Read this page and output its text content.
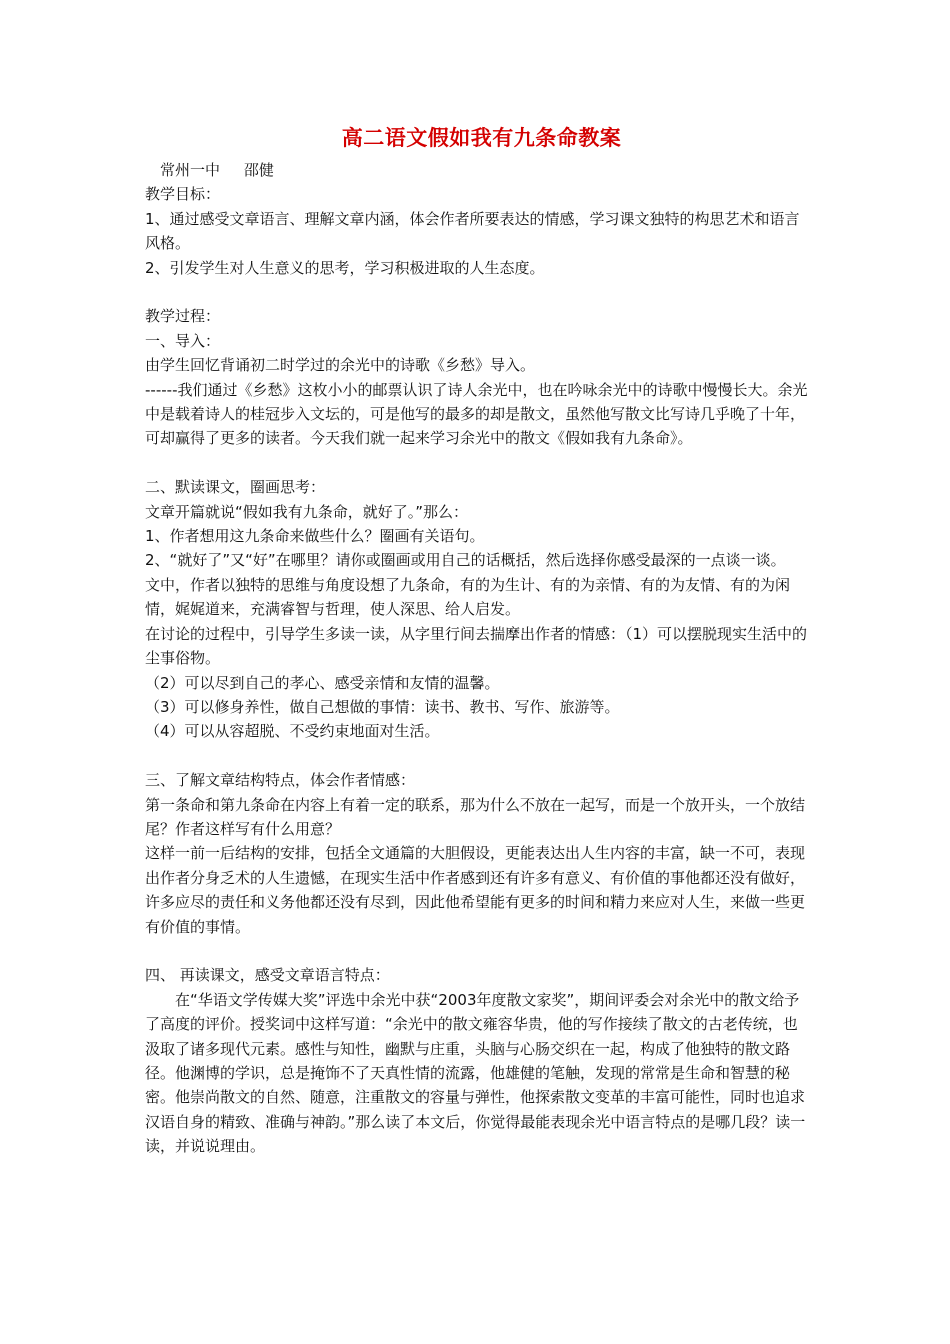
高二语文假如我有九条命教案

常州一中     邵健

教学目标：

1、通过感受文章语言、理解文章内涵，体会作者所要表达的情感，学习课文独特的构思艺术和语言风格。

2、引发学生对人生意义的思考，学习积极进取的人生态度。

教学过程：

一、导入：

由学生回忆背诵初二时学过的余光中的诗歌《乡愁》导入。

------我们通过《乡愁》这枚小小的邮票认识了诗人余光中，也在吟咏余光中的诗歌中慢慢长大。余光中是载着诗人的桂冠步入文坛的，可是他写的最多的却是散文，虽然他写散文比写诗几乎晚了十年，可却赢得了更多的读者。今天我们就一起来学习余光中的散文《假如我有九条命》。

二、默读课文，圈画思考：

文章开篇就说“假如我有九条命，就好了。”那么：

1、作者想用这九条命来做些什么？圈画有关语句。

2、“就好了”又“好”在哪里？请你或圈画或用自己的话概括，然后选择你感受最深的一点谈一谈。

文中，作者以独特的思维与角度设想了九条命，有的为生计、有的为亲情、有的为友情、有的为闲情，娓娓道来，充满睿智与哲理，使人深思、给人启发。

在讨论的过程中，引导学生多读一读，从字里行间去揣摩出作者的情感：（1）可以摆脱现实生活中的尘事俗物。

（2）可以尽到自己的孝心、感受亲情和友情的温馨。

（3）可以修身养性，做自己想做的事情：读书、教书、写作、旅游等。

（4）可以从容超脱、不受约束地面对生活。

三、了解文章结构特点，体会作者情感：

第一条命和第九条命在内容上有着一定的联系，那为什么不放在一起写，而是一个放开头，一个放结尾？作者这样写有什么用意？

这样一前一后结构的安排，包括全文通篇的大胆假设，更能表达出人生内容的丰富，缺一不可，表现出作者分身乏术的人生遗憾，在现实生活中作者感到还有许多有意义、有价值的事他都还没有做好，许多应尽的责任和义务他都还没有尽到，因此他希望能有更多的时间和精力来应对人生，来做一些更有价值的事情。

四、 再读课文，感受文章语言特点：

在“华语文学传媒大奖”评选中余光中获“2003年度散文家奖”，期间评委会对余光中的散文给予了高度的评价。授奖词中这样写道：“余光中的散文雍容华贵，他的写作接续了散文的古老传统，也汲取了诸多现代元素。感性与知性，幽默与庄重，头脑与心肠交织在一起，构成了他独特的散文路径。他渊博的学识，总是掩饰不了天真性情的流露，他雄健的笔触，发现的常常是生命和智慧的秘密。他崇尚散文的自然、随意，注重散文的容量与弹性，他探索散文变革的丰富可能性，同时也追求汉语自身的精致、准确与神韵。”那么读了本文后，你觉得最能表现余光中语言特点的是哪几段？读一读，并说说理由。
